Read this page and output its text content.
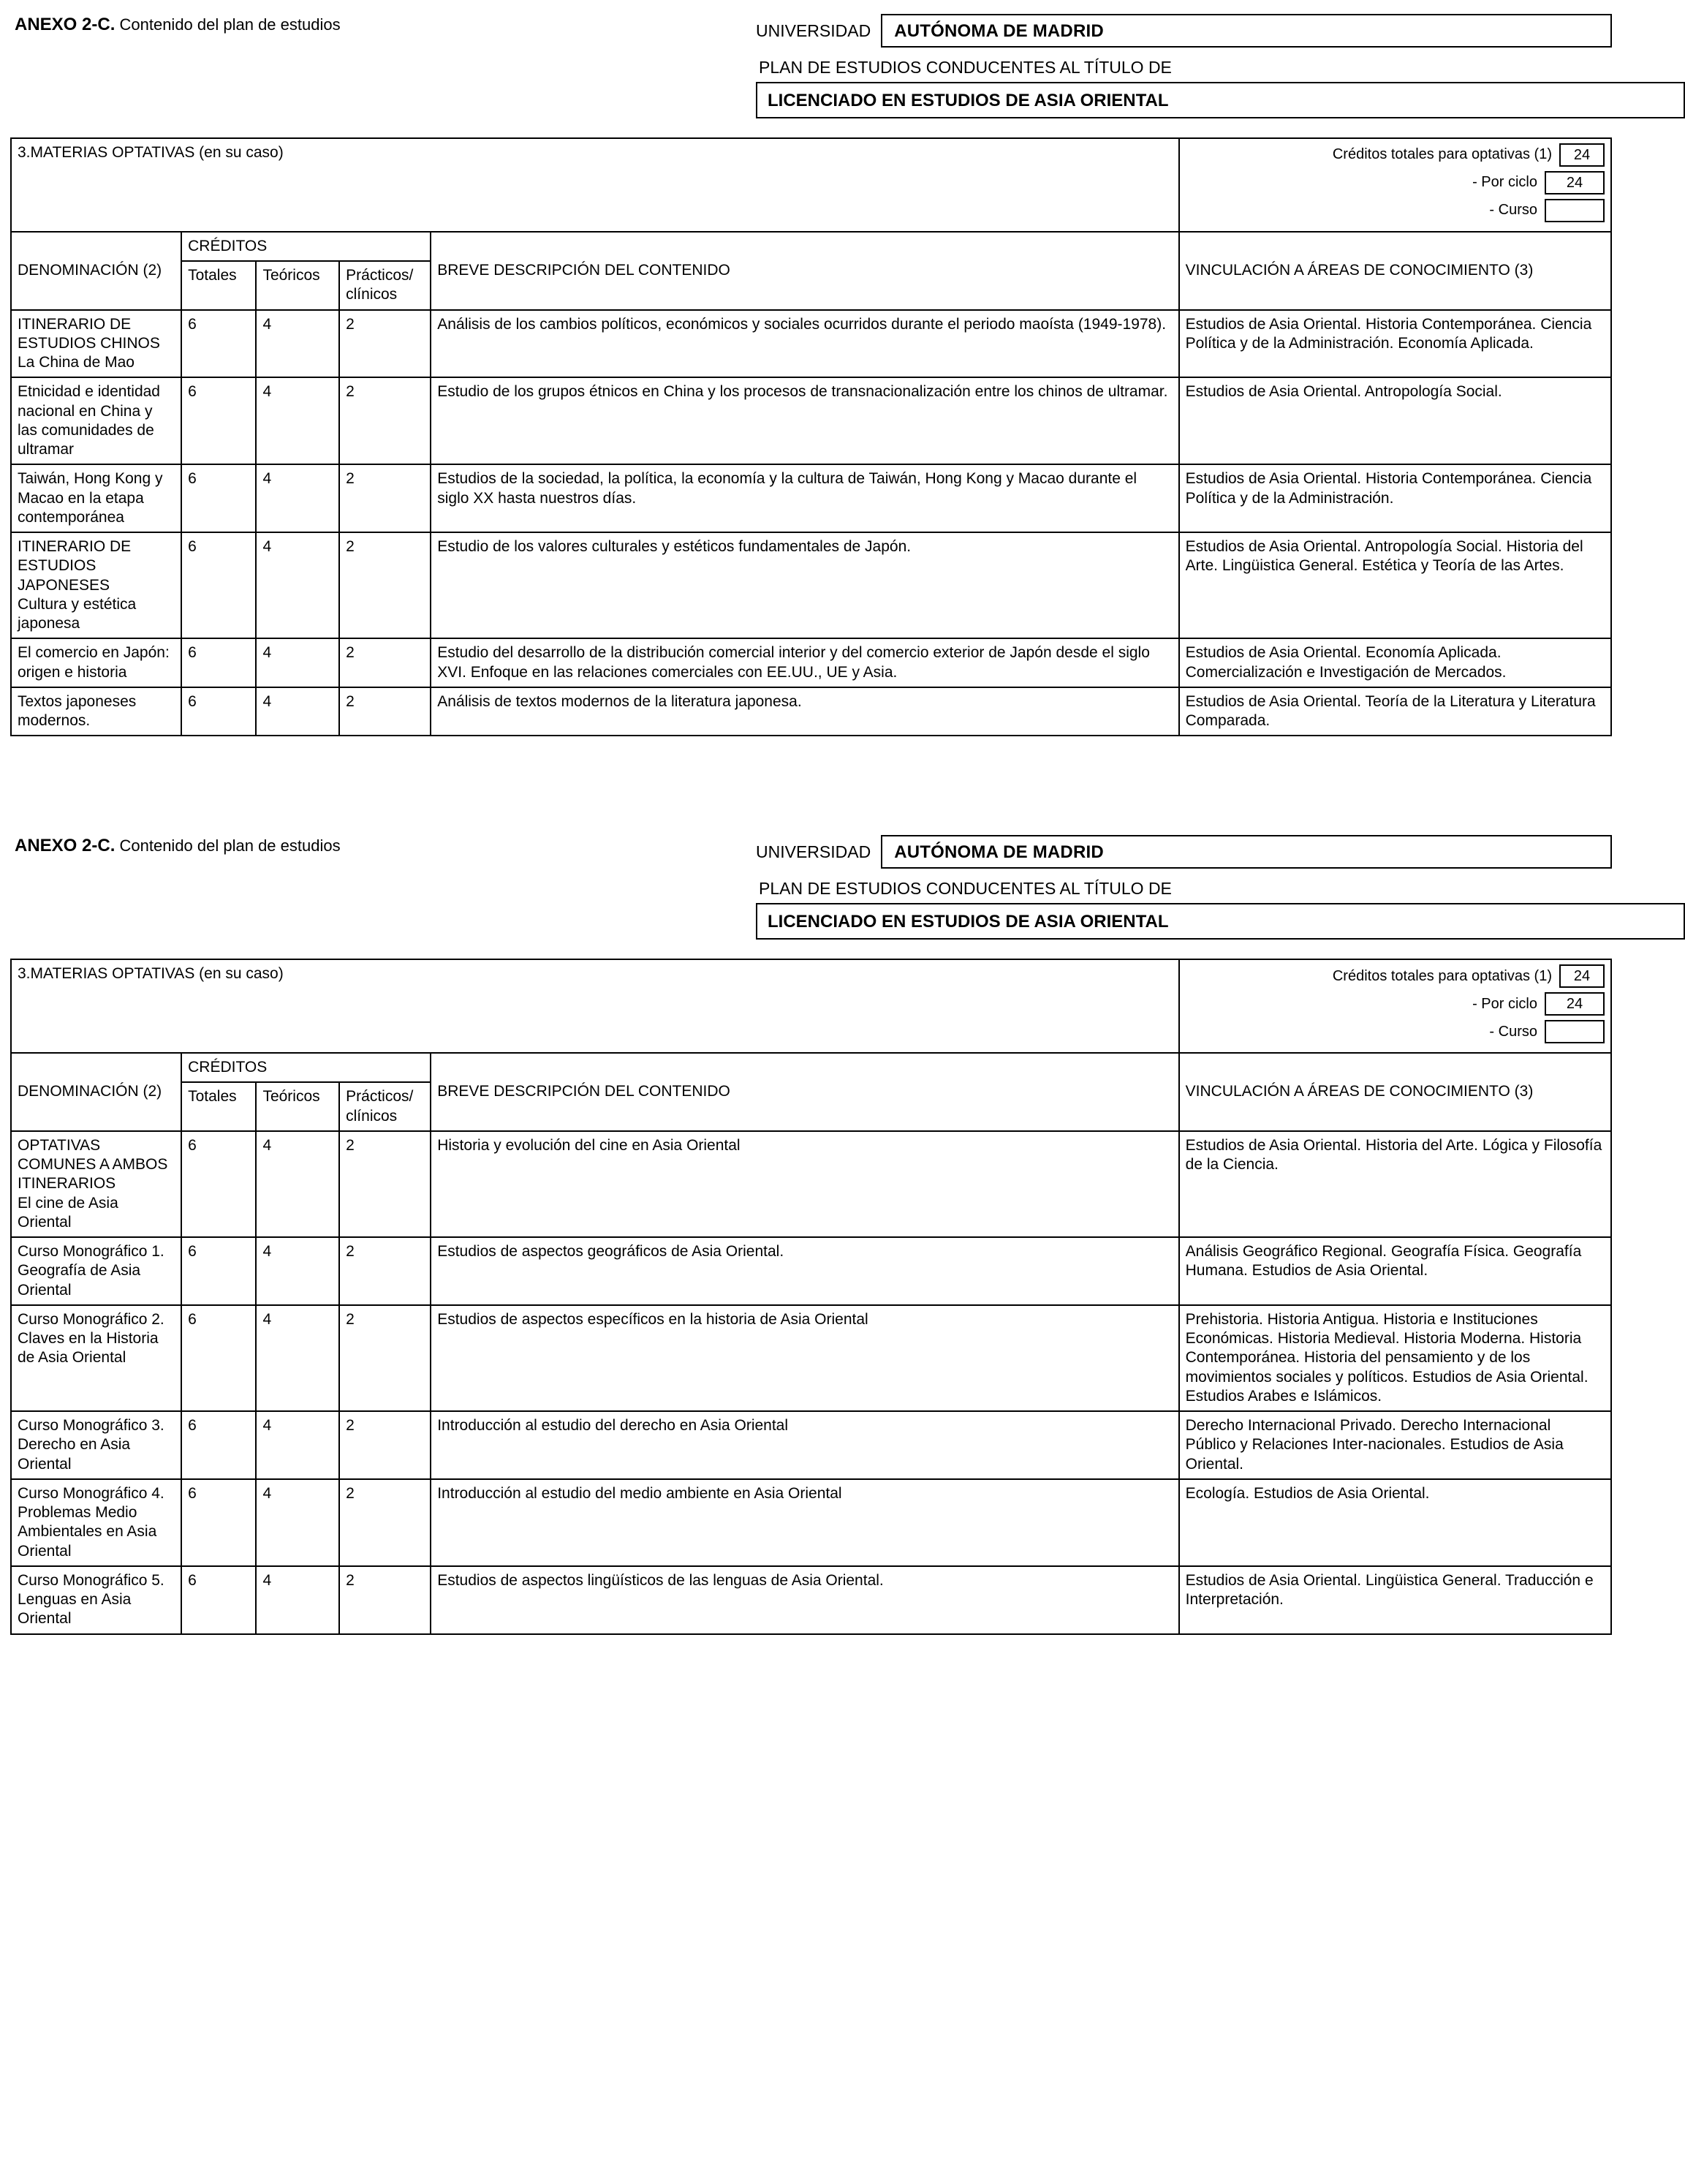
ANEXO 2-C. Contenido del plan de estudios	UNIVERSIDAD	AUTÓNOMA DE MADRID
PLAN DE ESTUDIOS CONDUCENTES AL TÍTULO DE
LICENCIADO EN ESTUDIOS DE ASIA ORIENTAL
3.MATERIAS OPTATIVAS (en su caso)					Créditos totales para optativas (1) 24
- Por ciclo 24
- Curso

DENOMINACIÓN (2)	CRÉDITOS			BREVE DESCRIPCIÓN DEL CONTENIDO	VINCULACIÓN A ÁREAS DE CONOCIMIENTO (3)
	Totales	Teóricos	Prácticos/ clínicos		
ITINERARIO DE ESTUDIOS CHINOS
La China de Mao	6	4	2	Análisis de los cambios políticos, económicos y sociales ocurridos durante el periodo maoísta (1949-1978).	Estudios de Asia Oriental. Historia Contemporánea. Ciencia Política y de la Administración. Economía Aplicada.
Etnicidad e identidad nacional en China y las comunidades de ultramar	6	4	2	Estudio de los grupos étnicos en China y los procesos de transnacionalización entre los chinos de ultramar.	Estudios de Asia Oriental. Antropología Social.
Taiwán, Hong Kong y Macao en la etapa contemporánea	6	4	2	Estudios de la sociedad, la política, la economía y la cultura de Taiwán, Hong Kong y Macao durante el siglo XX hasta nuestros días.	Estudios de Asia Oriental. Historia Contemporánea. Ciencia Política y de la Administración.
ITINERARIO DE ESTUDIOS JAPONESES
Cultura y estética japonesa	6	4	2	Estudio de los valores culturales y estéticos fundamentales de Japón.	Estudios de Asia Oriental. Antropología Social. Historia del Arte. Lingüistica General. Estética y Teoría de las Artes.
El comercio en Japón: origen e historia	6	4	2	Estudio del desarrollo de la distribución comercial interior y del comercio exterior de Japón desde el siglo XVI. Enfoque en las relaciones comerciales con EE.UU., UE y Asia.	Estudios de Asia Oriental. Economía Aplicada. Comercialización e Investigación de Mercados.
Textos japoneses modernos.	6	4	2	Análisis de textos modernos de la literatura japonesa.	Estudios de Asia Oriental. Teoría de la Literatura y Literatura Comparada.
ANEXO 2-C. Contenido del plan de estudios	UNIVERSIDAD	AUTÓNOMA DE MADRID
PLAN DE ESTUDIOS CONDUCENTES AL TÍTULO DE
LICENCIADO EN ESTUDIOS DE ASIA ORIENTAL
3.MATERIAS OPTATIVAS (en su caso)					Créditos totales para optativas (1) 24
- Por ciclo 24
- Curso

DENOMINACIÓN (2)	CRÉDITOS			BREVE DESCRIPCIÓN DEL CONTENIDO	VINCULACIÓN A ÁREAS DE CONOCIMIENTO (3)
	Totales	Teóricos	Prácticos/ clínicos		
OPTATIVAS COMUNES A AMBOS ITINERARIOS
El cine de Asia Oriental	6	4	2	Historia y evolución del cine en Asia Oriental	Estudios de Asia Oriental. Historia del Arte. Lógica y Filosofía de la Ciencia.
Curso Monográfico 1. Geografía de Asia Oriental	6	4	2	Estudios de aspectos geográficos de Asia Oriental.	Análisis Geográfico Regional. Geografía Física. Geografía Humana. Estudios de Asia Oriental.
Curso Monográfico 2. Claves en la Historia de Asia Oriental	6	4	2	Estudios de aspectos específicos en la historia de Asia Oriental	Prehistoria. Historia Antigua. Historia e Instituciones Económicas. Historia Medieval. Historia Moderna. Historia Contemporánea. Historia del pensamiento y de los movimientos sociales y políticos. Estudios de Asia Oriental. Estudios Arabes e Islámicos.
Curso Monográfico 3. Derecho en Asia Oriental	6	4	2	Introducción al estudio del derecho en Asia Oriental	Derecho Internacional Privado. Derecho Internacional Público y Relaciones Inter-nacionales. Estudios de Asia Oriental.
Curso Monográfico 4. Problemas Medio Ambientales en Asia Oriental	6	4	2	Introducción al estudio del medio ambiente en Asia Oriental	Ecología. Estudios de Asia Oriental.
Curso Monográfico 5. Lenguas en Asia Oriental	6	4	2	Estudios de aspectos lingüísticos de las lenguas de Asia Oriental.	Estudios de Asia Oriental. Lingüistica General. Traducción e Interpretación.
